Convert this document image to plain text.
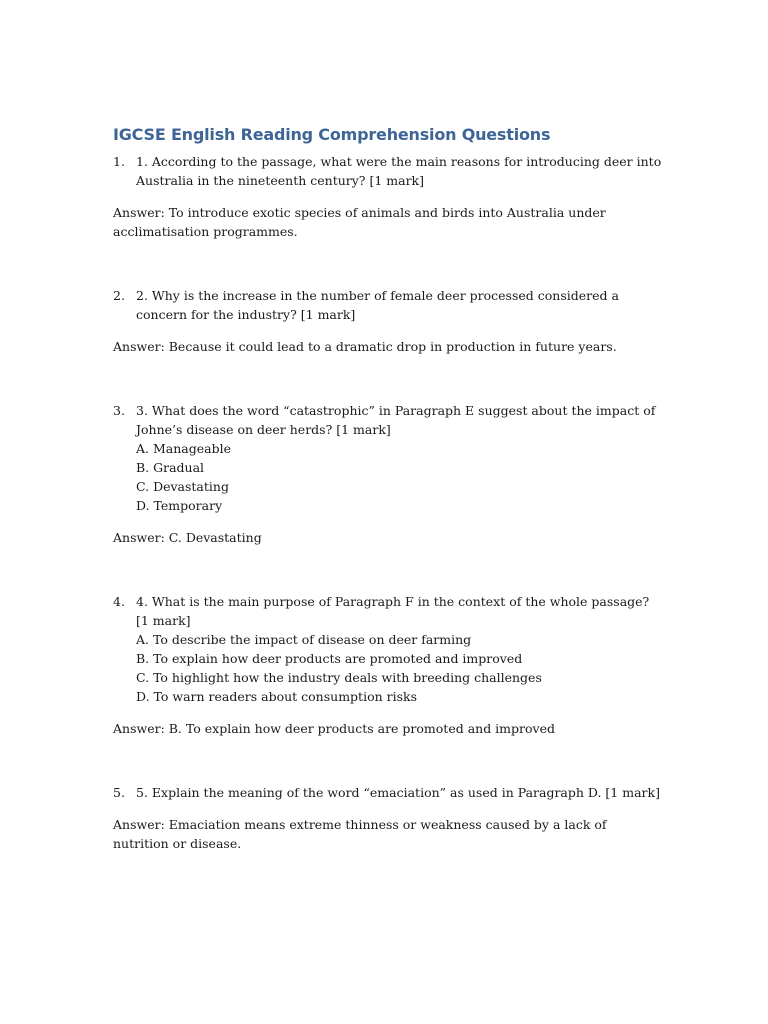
IGCSE English Reading Comprehension Questions
1. 1. According to the passage, what were the main reasons for introducing deer into Australia in the nineteenth century? [1 mark]
Answer: To introduce exotic species of animals and birds into Australia under acclimatisation programmes.
2. 2. Why is the increase in the number of female deer processed considered a concern for the industry? [1 mark]
Answer: Because it could lead to a dramatic drop in production in future years.
3. 3. What does the word “catastrophic” in Paragraph E suggest about the impact of Johne’s disease on deer herds? [1 mark]
A. Manageable
B. Gradual
C. Devastating
D. Temporary
Answer: C. Devastating
4. 4. What is the main purpose of Paragraph F in the context of the whole passage? [1 mark]
A. To describe the impact of disease on deer farming
B. To explain how deer products are promoted and improved
C. To highlight how the industry deals with breeding challenges
D. To warn readers about consumption risks
Answer: B. To explain how deer products are promoted and improved
5. 5. Explain the meaning of the word “emaciation” as used in Paragraph D. [1 mark]
Answer: Emaciation means extreme thinness or weakness caused by a lack of nutrition or disease.
